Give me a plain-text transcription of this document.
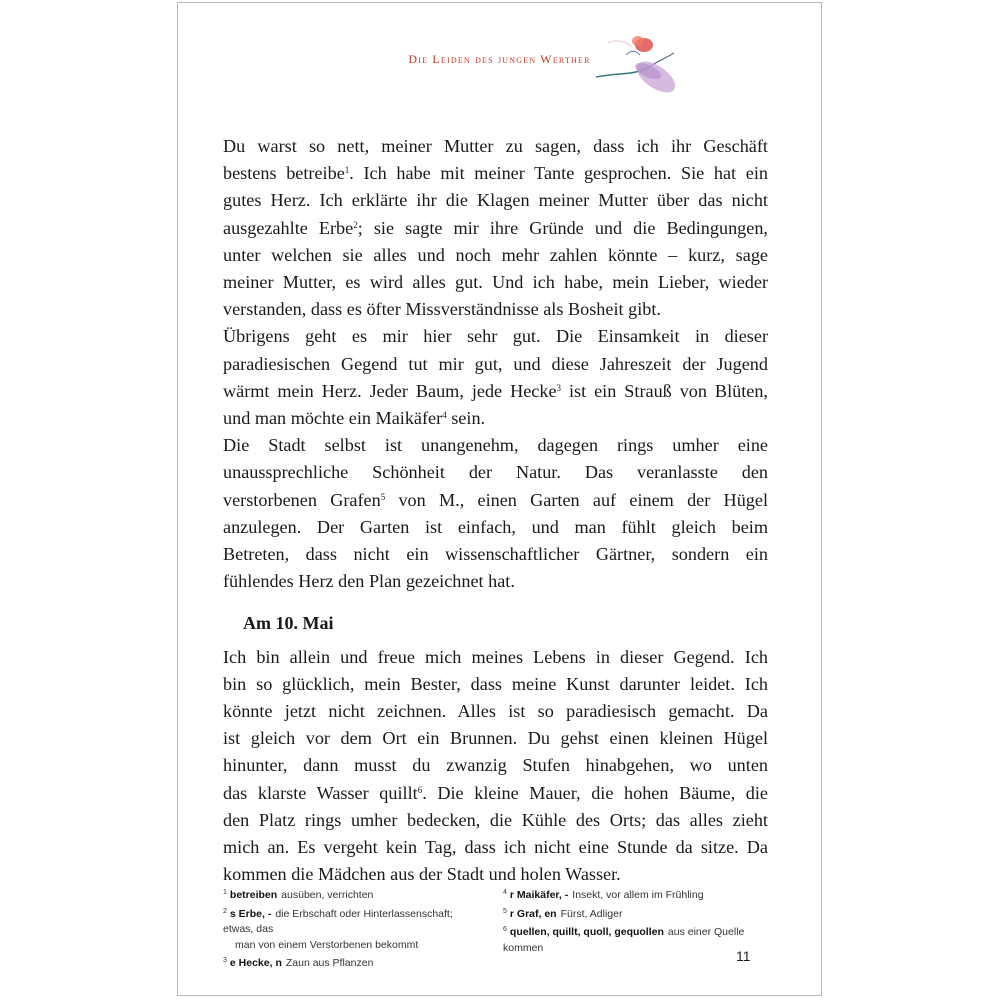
Die Leiden des jungen Werther
Du warst so nett, meiner Mutter zu sagen, dass ich ihr Geschäft
bestens betreibe$^1$. Ich habe mit meiner Tante gesprochen. Sie hat ein
gutes Herz. Ich erklärte ihr die Klagen meiner Mutter über das nicht
ausgezahlte Erbe$^2$; sie sagte mir ihre Gründe und die Bedingungen,
unter welchen sie alles und noch mehr zahlen könnte – kurz, sage
meiner Mutter, es wird alles gut. Und ich habe, mein Lieber, wieder
verstanden, dass es öfter Missverständnisse als Bosheit gibt.
Übrigens geht es mir hier sehr gut. Die Einsamkeit in dieser
paradiesischen Gegend tut mir gut, und diese Jahreszeit der Jugend
wärmt mein Herz. Jeder Baum, jede Hecke$^3$ ist ein Strauß von Blüten,
und man möchte ein Maikäfer$^4$ sein.
Die Stadt selbst ist unangenehm, dagegen rings umher eine
unaussprechliche Schönheit der Natur. Das veranlasste den
verstorbenen Grafen$^5$ von M., einen Garten auf einem der Hügel
anzulegen. Der Garten ist einfach, und man fühlt gleich beim
Betreten, dass nicht ein wissenschaftlicher Gärtner, sondern ein
fühlendes Herz den Plan gezeichnet hat.
Am 10. Mai
Ich bin allein und freue mich meines Lebens in dieser Gegend. Ich
bin so glücklich, mein Bester, dass meine Kunst darunter leidet. Ich
könnte jetzt nicht zeichnen. Alles ist so paradiesisch gemacht. Da
ist gleich vor dem Ort ein Brunnen. Du gehst einen kleinen Hügel
hinunter, dann musst du zwanzig Stufen hinabgehen, wo unten
das klarste Wasser quillt$^6$. Die kleine Mauer, die hohen Bäume, die
den Platz rings umher bedecken, die Kühle des Orts; das alles zieht
mich an. Es vergeht kein Tag, dass ich nicht eine Stunde da sitze. Da
kommen die Mädchen aus der Stadt und holen Wasser.
$^1$ betreiben ausüben, verrichten
$^2$ s Erbe, - die Erbschaft oder Hinterlassenschaft; etwas, das
man von einem Verstorbenen bekommt
$^3$ e Hecke, n Zaun aus Pflanzen
$^4$ r Maikäfer, - Insekt, vor allem im Frühling
$^5$ r Graf, en Fürst, Adliger
$^6$ quellen, quillt, quoll, gequollen aus einer Quelle kommen
11
